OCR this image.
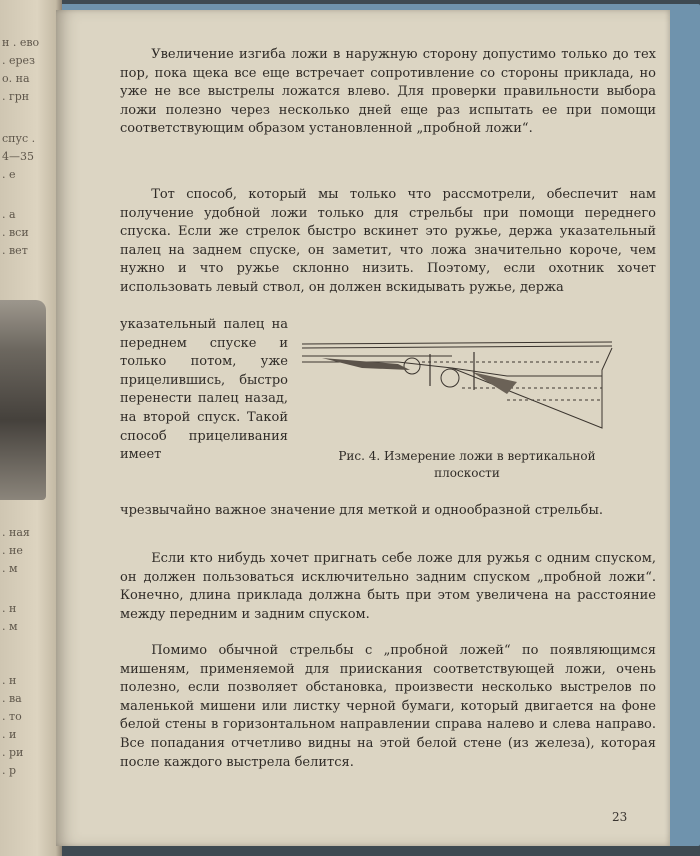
н . ево
. ерез
о. на
. грн
спус .
4—35
. е
. а
. вси
. вет
. ная
. не
. м
. н
. м
. н
. ва
. то
. и
. ри
. р

Увеличение изгиба ложи в наружную сторону допустимо только до тех пор, пока щека все еще встречает сопротивление со стороны приклада, но уже не все выстрелы ложатся влево. Для проверки правильности выбора ложи полезно через несколько дней еще раз испытать ее при помощи соответствующим образом установленной „пробной ложи“.

Тот способ, который мы только что рассмотрели, обеспечит нам получение удобной ложи только для стрельбы при помощи переднего спуска. Если же стрелок быстро вскинет это ружье, держа указательный палец на заднем спуске, он заметит, что ложа значительно короче, чем нужно и что ружье склонно низить. Поэтому, если охотник хочет использовать левый ствол, он должен вскидывать ружье, держа

указательный палец на переднем спуске и только потом, уже прицелившись, быстро перенести палец назад, на второй спуск. Такой способ прицеливания имеет	Рис. 4. Измерение ложи в вертикальной плоскости

чрезвычайно важное значение для меткой и однообразной стрельбы.

Если кто нибудь хочет пригнать себе ложе для ружья с одним спуском, он должен пользоваться исключительно задним спуском „пробной ложи“. Конечно, длина приклада должна быть при этом увеличена на расстояние между передним и задним спуском.

Помимо обычной стрельбы с „пробной ложей“ по появляющимся мишеням, применяемой для приискания соответствующей ложи, очень полезно, если позволяет обстановка, произвести несколько выстрелов по маленькой мишени или листку черной бумаги, который двигается на фоне белой стены в горизонтальном направлении справа налево и слева направо. Все попадания отчетливо видны на этой белой стене (из железа), которая после каждого выстрела белится.

23
